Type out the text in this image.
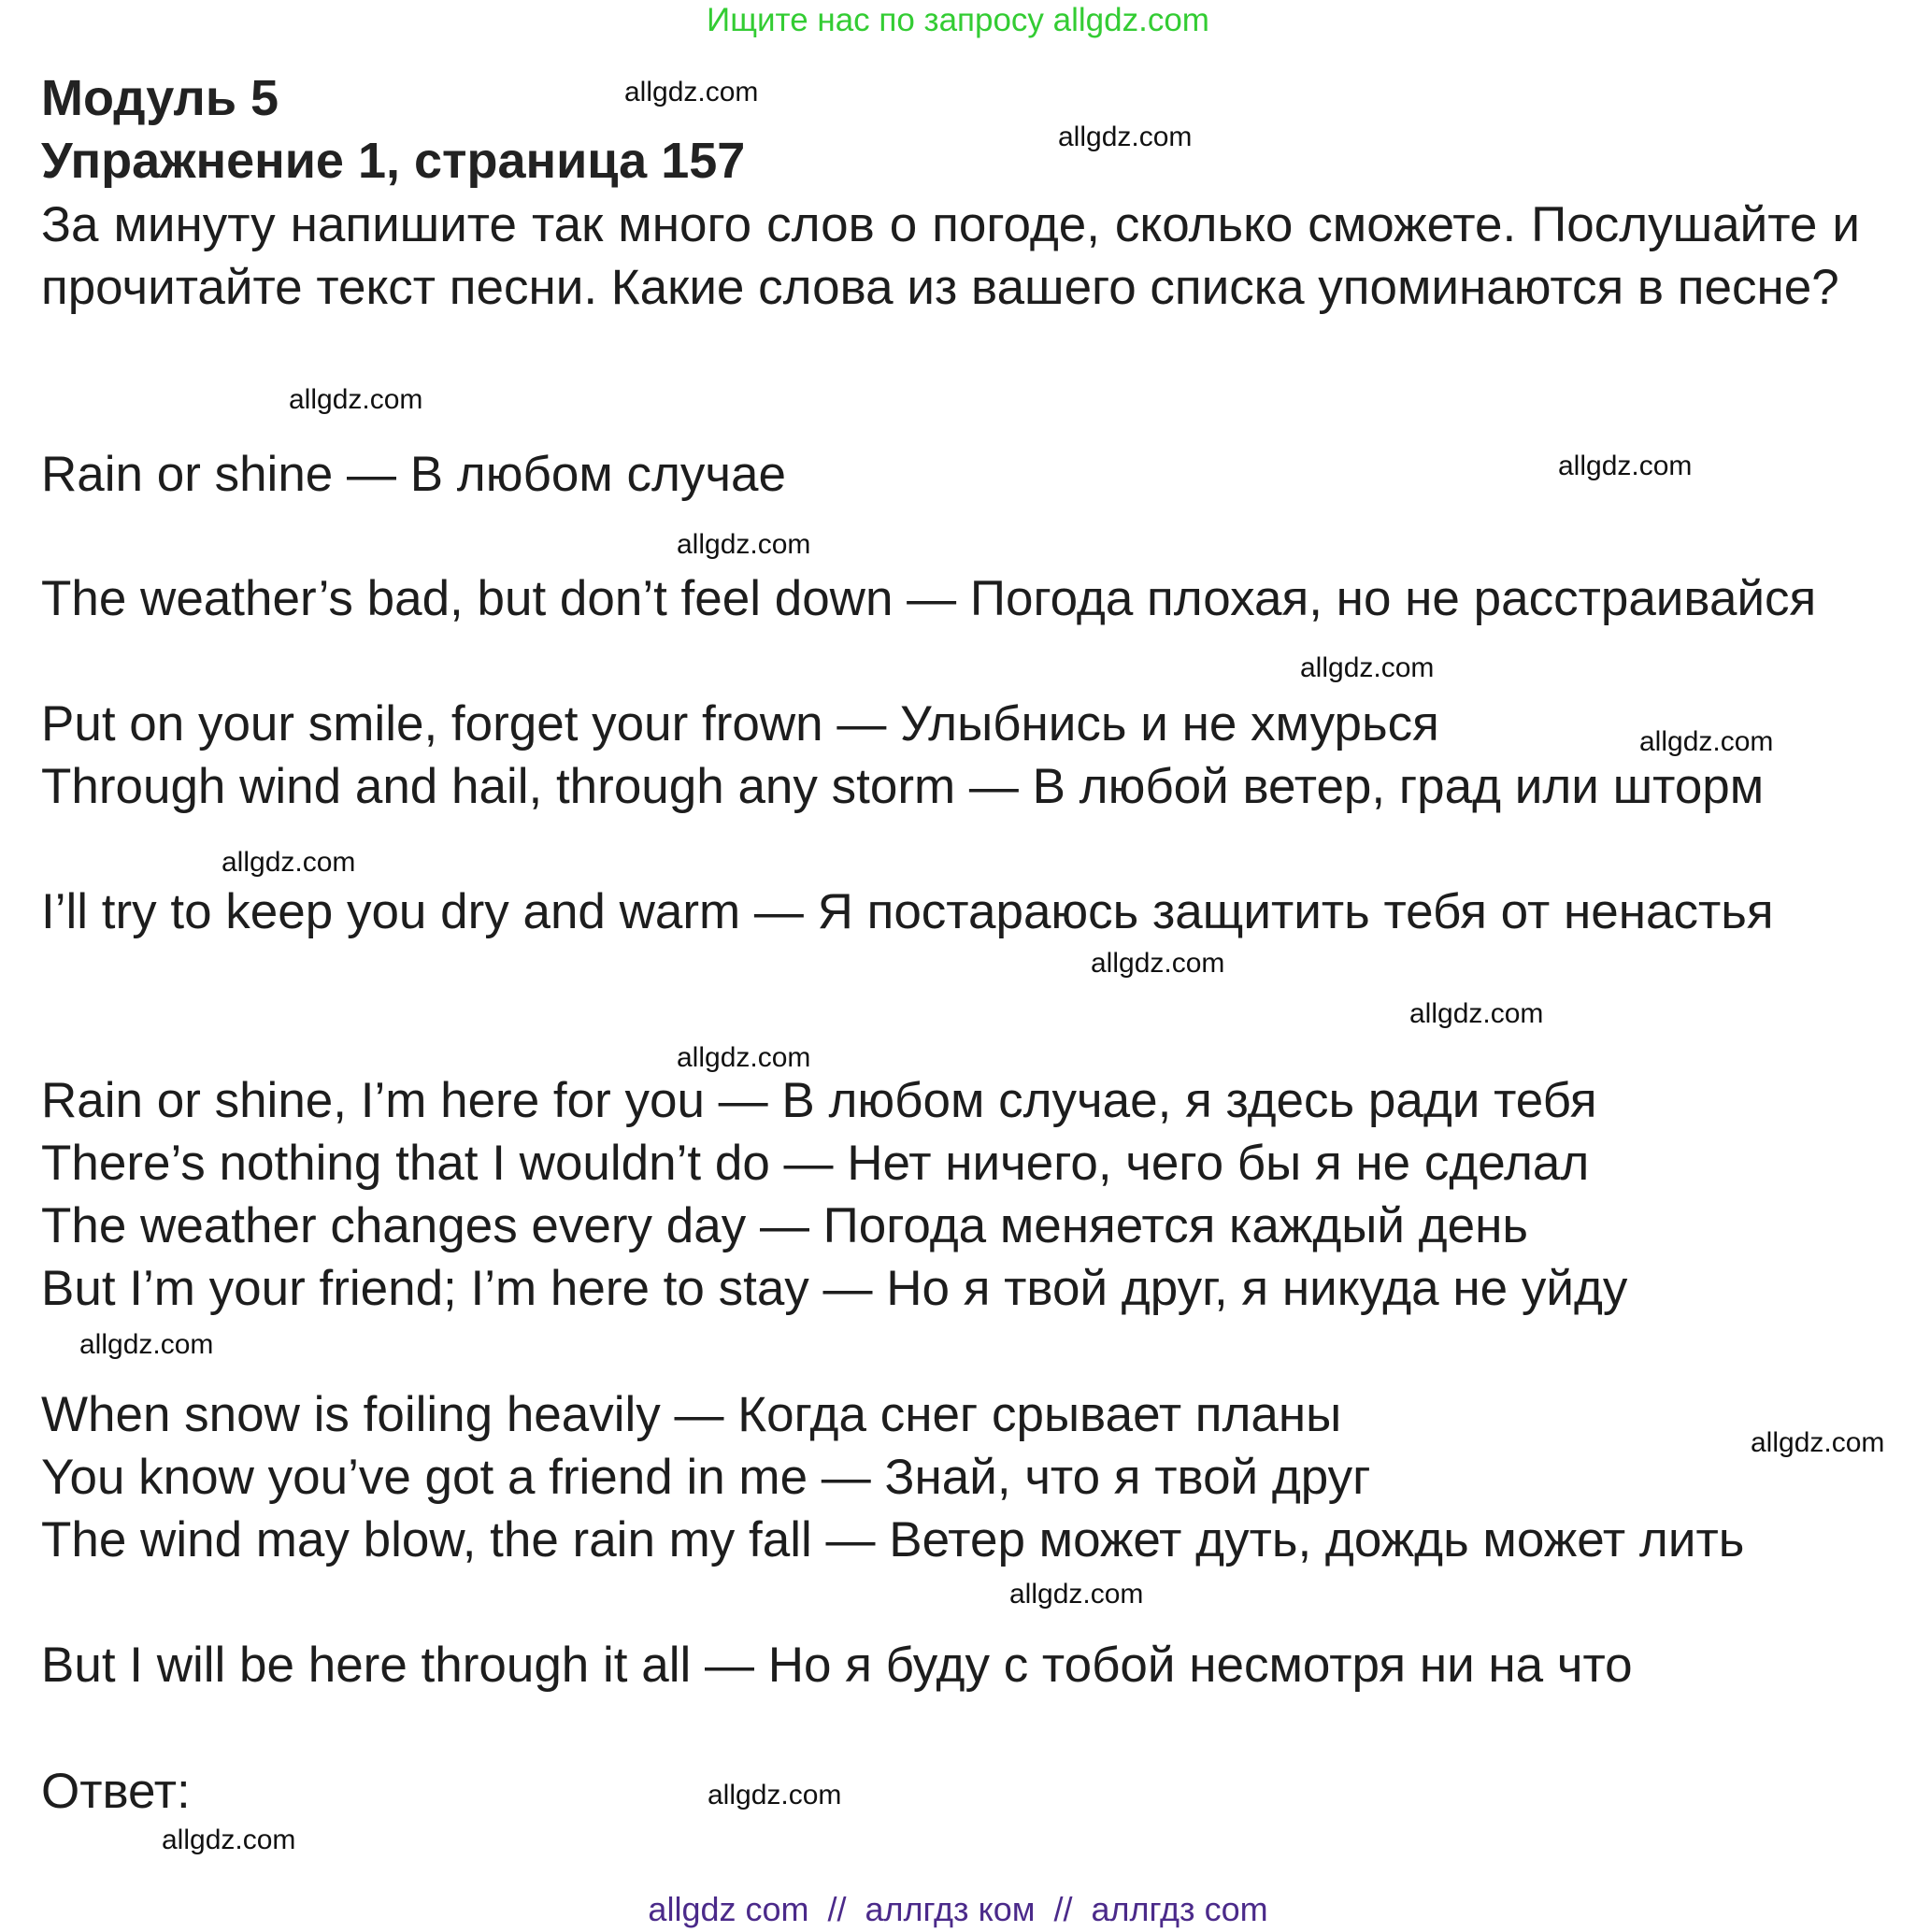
Ищите нас по запросу allgdz.com
Модуль 5
Упражнение 1, страница 157
За минуту напишите так много слов о погоде, сколько сможете. Послушайте и прочитайте текст песни. Какие слова из вашего списка упоминаются в песне?
Rain or shine — В любом случае
The weather’s bad, but don’t feel down — Погода плохая, но не расстраивайся
Put on your smile, forget your frown — Улыбнись и не хмурься
Through wind and hail, through any storm — В любой ветер, град или шторм
I’ll try to keep you dry and warm — Я постараюсь защитить тебя от ненастья
Rain or shine, I’m here for you — В любом случае, я здесь ради тебя
There’s nothing that I wouldn’t do — Нет ничего, чего бы я не сделал
The weather changes every day — Погода меняется каждый день
But I’m your friend; I’m here to stay — Но я твой друг, я никуда не уйду
When snow is foiling heavily — Когда снег срывает планы
You know you’ve got a friend in me — Знай, что я твой друг
The wind may blow, the rain my fall — Ветер может дуть, дождь может лить
But I will be here through it all — Но я буду с тобой несмотря ни на что
Ответ:
allgdz.com
allgdz.com
allgdz.com
allgdz.com
allgdz.com
allgdz.com
allgdz.com
allgdz.com
allgdz.com
allgdz.com
allgdz.com
allgdz.com
allgdz.com
allgdz.com
allgdz.com
allgdz.com
allgdz com  //  аллгдз ком  //  аллгдз com
